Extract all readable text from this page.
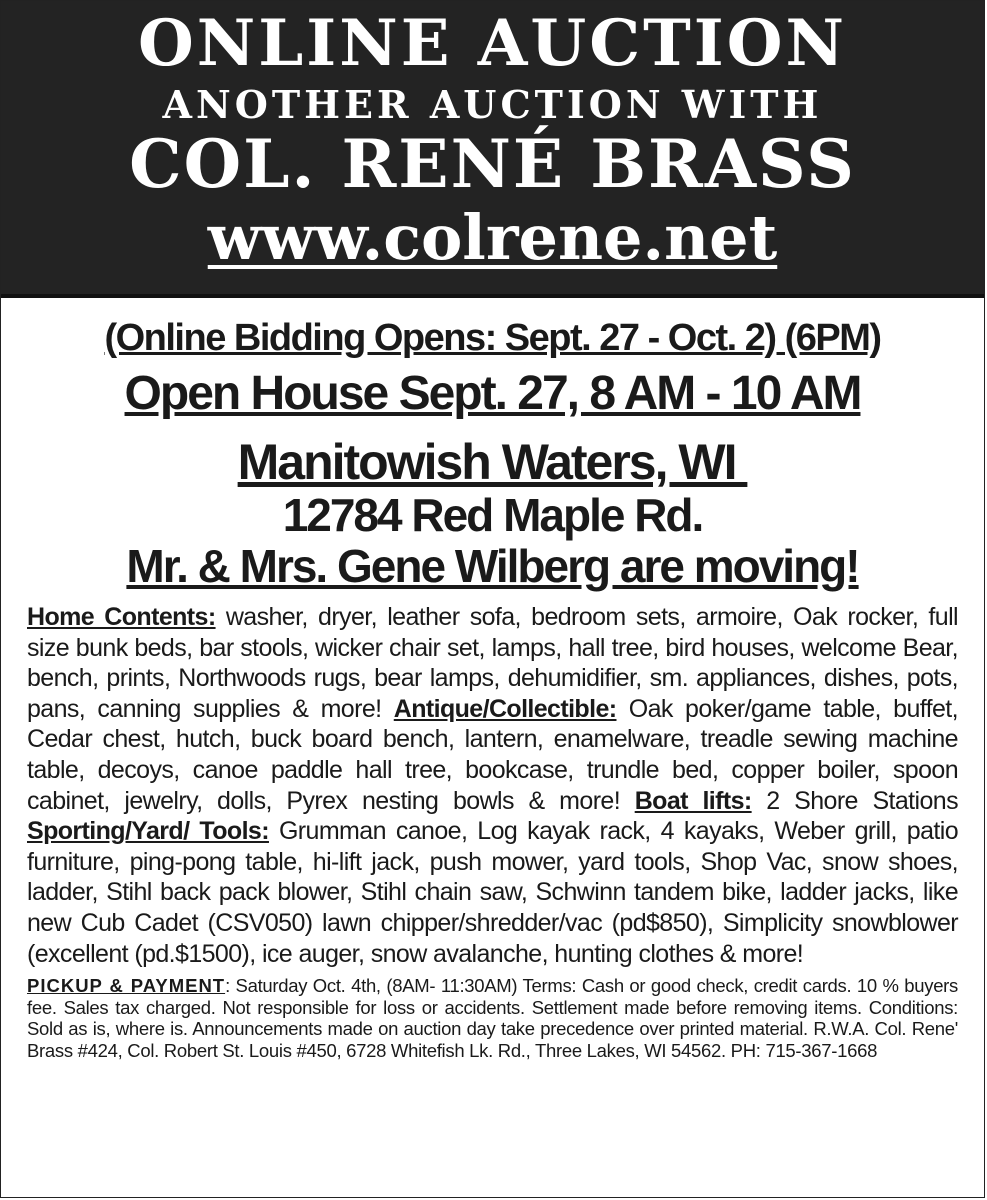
ONLINE AUCTION
ANOTHER AUCTION WITH
COL. RENÉ BRASS
www.colrene.net
(Online Bidding Opens: Sept. 27 - Oct. 2) (6PM)
Open House Sept. 27, 8 AM - 10 AM
Manitowish Waters, WI
12784 Red Maple Rd.
Mr. & Mrs. Gene Wilberg are moving!
Home Contents: washer, dryer, leather sofa, bedroom sets, armoire, Oak rocker, full size bunk beds, bar stools, wicker chair set, lamps, hall tree, bird houses, welcome Bear, bench, prints, Northwoods rugs, bear lamps, dehumidifier, sm. appliances, dishes, pots, pans, canning supplies & more! Antique/Collectible: Oak poker/game table, buffet, Cedar chest, hutch, buck board bench, lantern, enamelware, treadle sewing machine table, decoys, canoe paddle hall tree, bookcase, trundle bed, copper boiler, spoon cabinet, jewelry, dolls, Pyrex nesting bowls & more! Boat lifts: 2 Shore Stations Sporting/Yard/ Tools: Grumman canoe, Log kayak rack, 4 kayaks, Weber grill, patio furniture, ping-pong table, hi-lift jack, push mower, yard tools, Shop Vac, snow shoes, ladder, Stihl back pack blower, Stihl chain saw, Schwinn tandem bike, ladder jacks, like new Cub Cadet (CSV050) lawn chipper/shredder/vac (pd$850), Simplicity snowblower (excellent (pd.$1500), ice auger, snow avalanche, hunting clothes & more!
PICKUP & PAYMENT: Saturday Oct. 4th, (8AM- 11:30AM) Terms: Cash or good check, credit cards. 10 % buyers fee. Sales tax charged. Not responsible for loss or accidents. Settlement made before removing items. Conditions: Sold as is, where is. Announcements made on auction day take precedence over printed material. R.W.A. Col. Rene' Brass #424, Col. Robert St. Louis #450, 6728 Whitefish Lk. Rd., Three Lakes, WI 54562. PH: 715-367-1668
